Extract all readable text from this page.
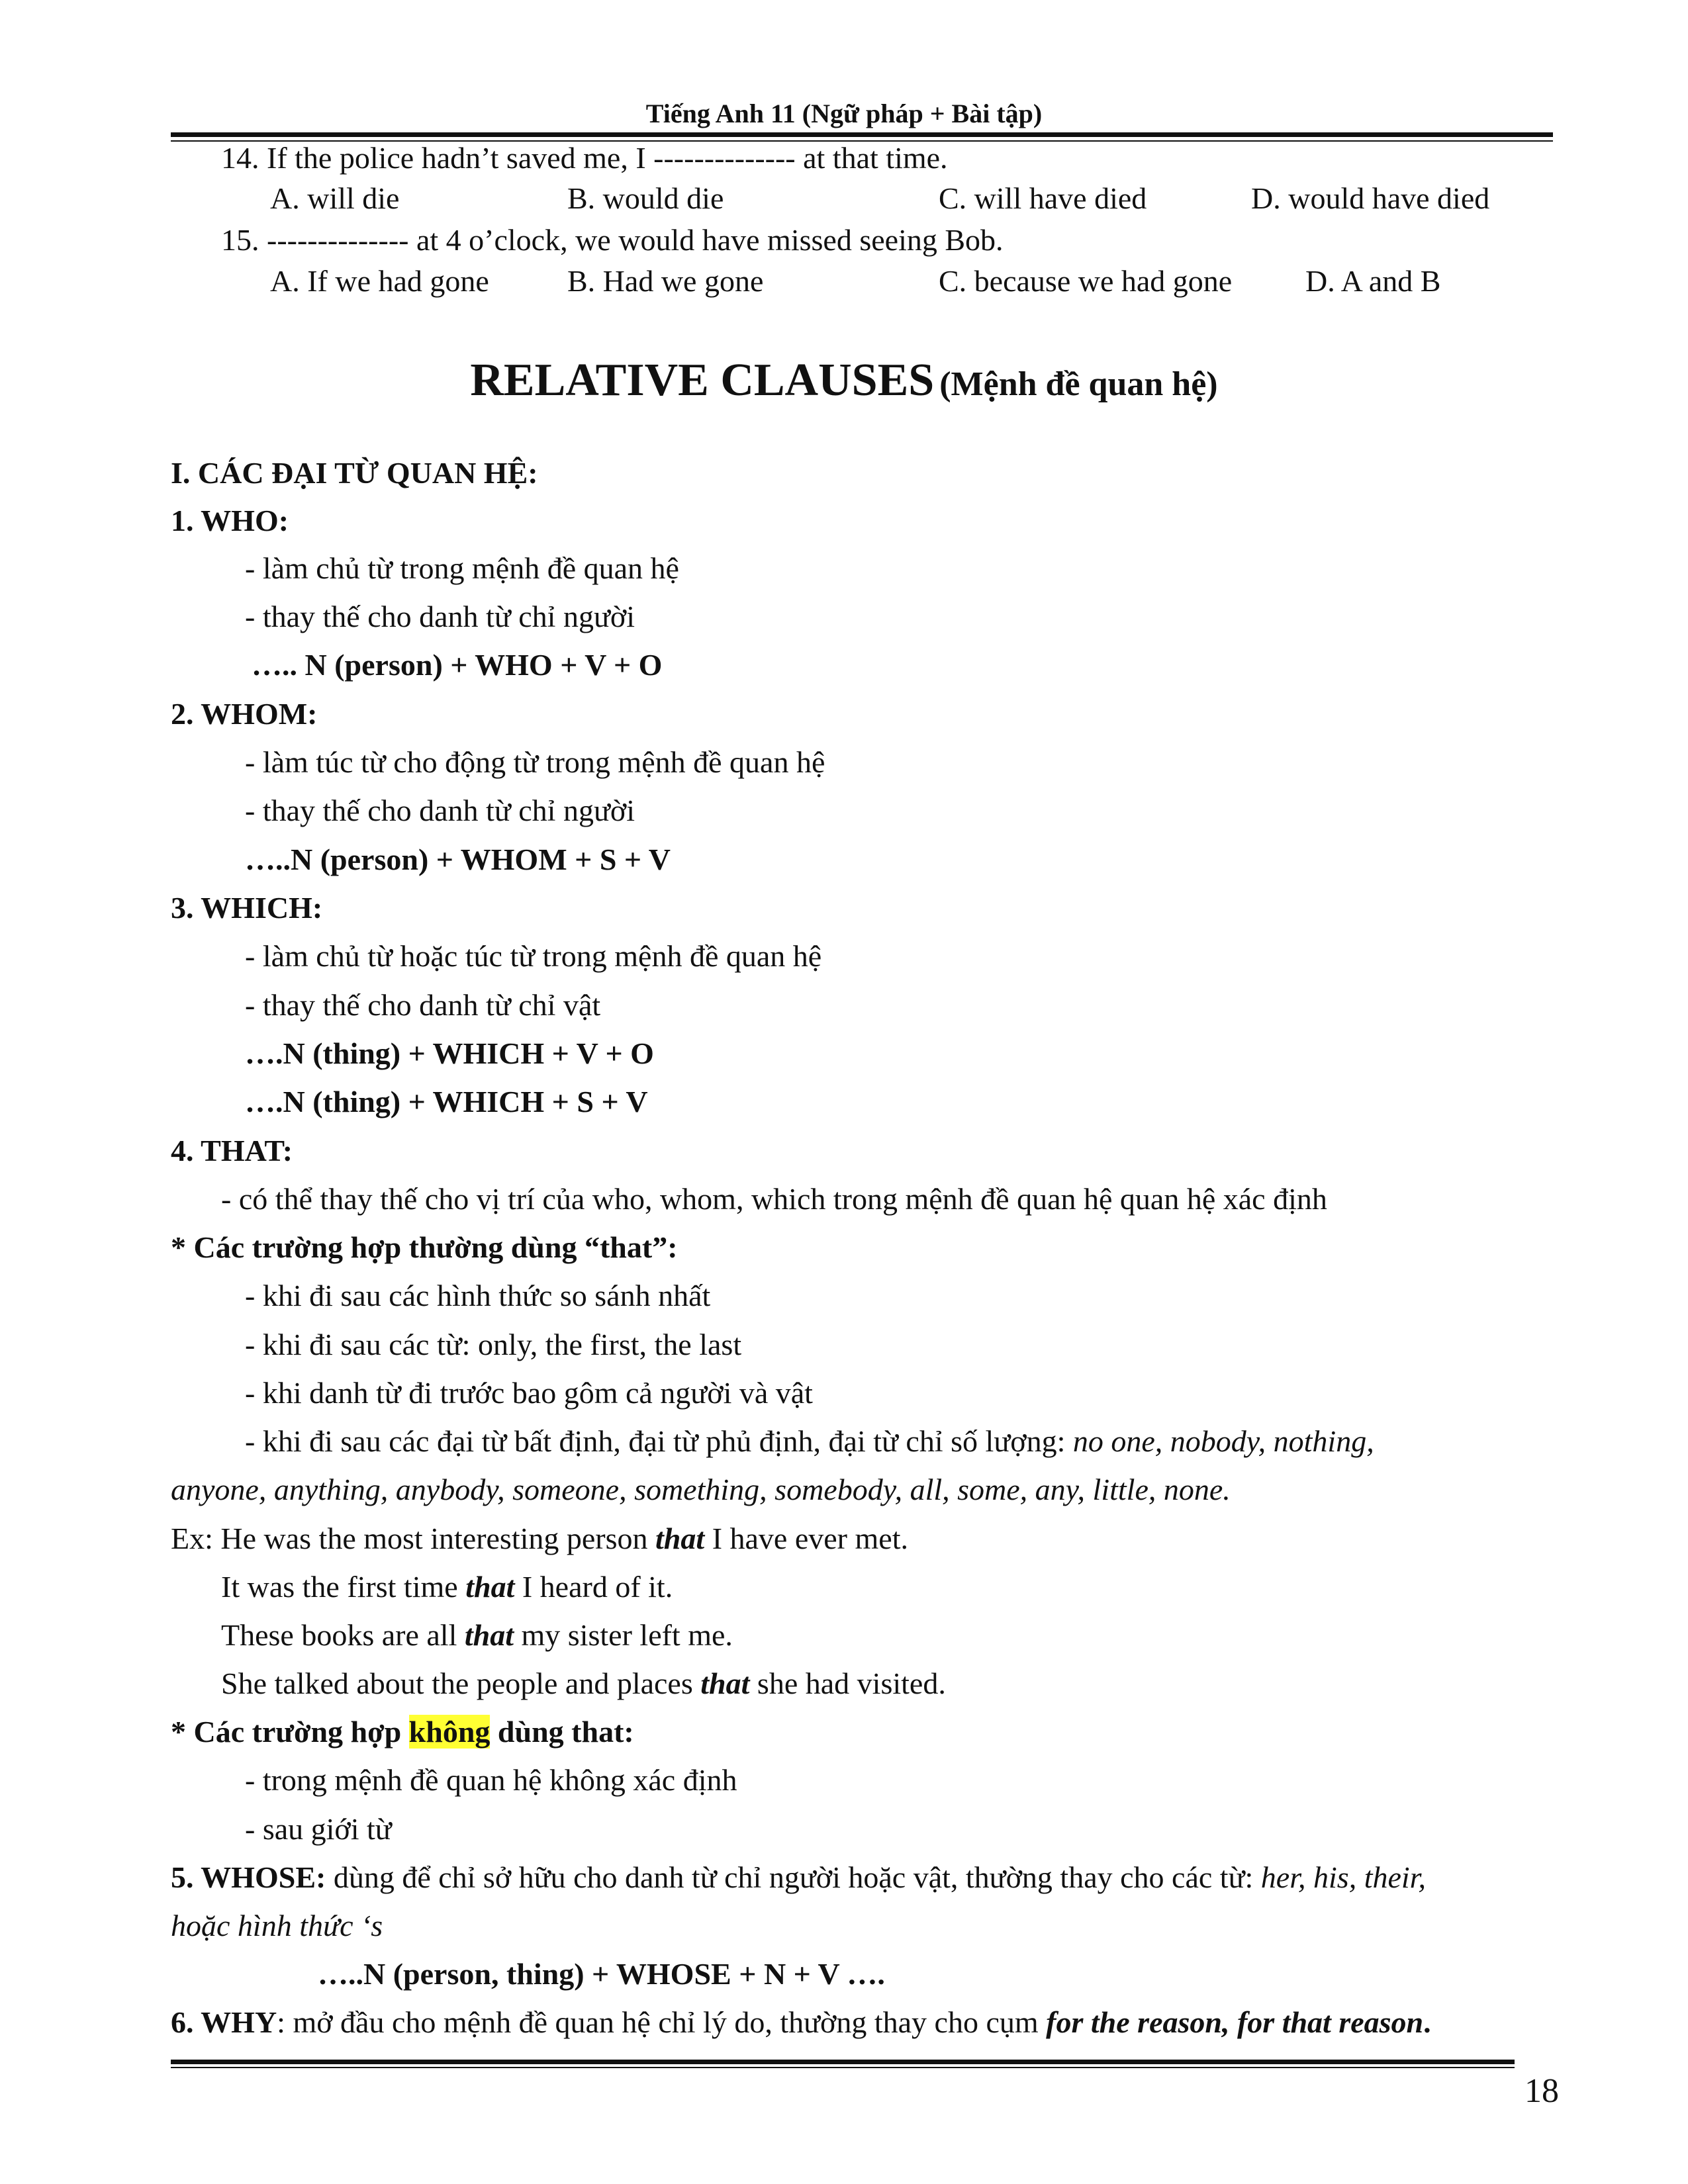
Tiếng Anh 11 (Ngữ pháp + Bài tập)
14. If the police hadn’t saved me, I -------------- at that time.
A. will die	B. would die	C. will have died	D. would have died
15. -------------- at 4 o’clock, we would have missed seeing Bob.
A. If we had gone	B. Had we gone	C. because we had gone D. A and B
RELATIVE CLAUSES (Mệnh đề quan hệ)
I. CÁC ĐẠI TỪ QUAN HỆ:
1. WHO:
- làm chủ từ trong mệnh đề quan hệ
- thay thế cho danh từ chỉ người
….. N (person) + WHO + V + O
2. WHOM:
- làm túc từ cho động từ trong mệnh đề quan hệ
- thay thế cho danh từ chỉ người
…..N (person) + WHOM + S + V
3. WHICH:
- làm chủ từ hoặc túc từ trong mệnh đề quan hệ
- thay thế cho danh từ chỉ vật
….N (thing) + WHICH + V + O
….N (thing) + WHICH + S + V
4. THAT:
- có thể thay thế cho vị trí của who, whom, which trong mệnh đề quan hệ quan hệ xác định
* Các trường hợp thường dùng “that”:
- khi đi sau các hình thức so sánh nhất
- khi đi sau các từ: only, the first, the last
- khi danh từ đi trước bao gôm cả người và vật
- khi đi sau các đại từ bất định, đại từ phủ định, đại từ chỉ số lượng: no one, nobody, nothing,
anyone, anything, anybody, someone, something, somebody, all, some, any, little, none.
Ex: He was the most interesting person that I have ever met.
It was the first time that I heard of it.
These books are all that my sister left me.
She talked about the people and places that she had visited.
* Các trường hợp không dùng that:
- trong mệnh đề quan hệ không xác định
- sau giới từ
5. WHOSE: dùng để chỉ sở hữu cho danh từ chỉ người hoặc vật, thường thay cho các từ: her, his, their,
hoặc hình thức ‘s
…..N (person, thing) + WHOSE + N + V ….
6. WHY: mở đầu cho mệnh đề quan hệ chỉ lý do, thường thay cho cụm for the reason, for that reason.
18
